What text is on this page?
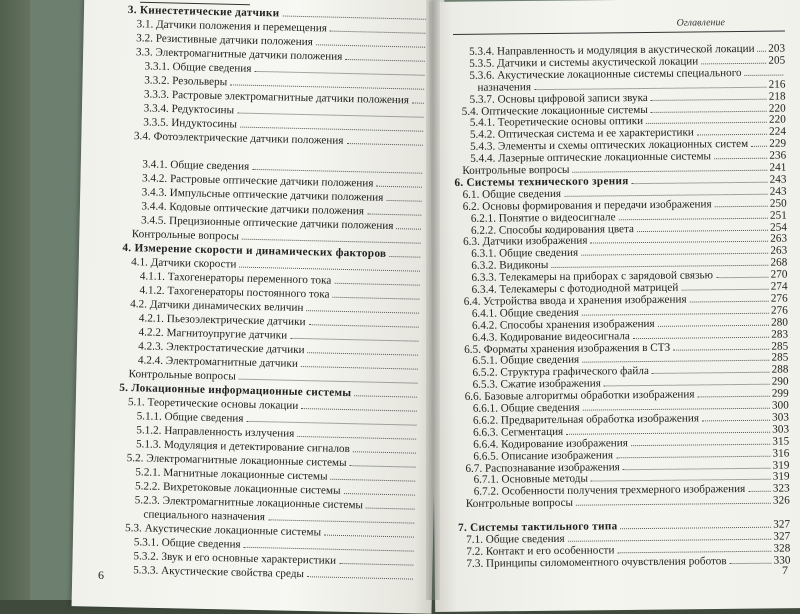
Оглавление
3. Кинестетические датчики
3.1. Датчики положения и перемещения
3.2. Резистивные датчики положения
3.3. Электромагнитные датчики положения
3.3.1. Общие сведения
3.3.2. Резольверы
3.3.3. Растровые электромагнитные датчики положения
3.3.4. Редуктосины
3.3.5. Индуктосины
3.4. Фотоэлектрические датчики положения
3.4.1. Общие сведения
3.4.2. Растровые оптические датчики положения
3.4.3. Импульсные оптические датчики положения
3.4.4. Кодовые оптические датчики положения
3.4.5. Прецизионные оптические датчики положения
Контрольные вопросы
4. Измерение скорости и динамических факторов
4.1. Датчики скорости
4.1.1. Тахогенераторы переменного тока
4.1.2. Тахогенераторы постоянного тока
4.2. Датчики динамических величин
4.2.1. Пьезоэлектрические датчики
4.2.2. Магнитоупругие датчики
4.2.3. Электростатические датчики
4.2.4. Электромагнитные датчики
Контрольные вопросы
5. Локационные информационные системы
5.1. Теоретические основы локации
5.1.1. Общие сведения
5.1.2. Направленность излучения
5.1.3. Модуляция и детектирование сигналов
5.2. Электромагнитные локационные системы
5.2.1. Магнитные локационные системы
5.2.2. Вихретоковые локационные системы
5.2.3. Электромагнитные локационные системы
специального назначения
5.3. Акустические локационные системы
5.3.1. Общие сведения
5.3.2. Звук и его основные характеристики
5.3.3. Акустические свойства среды
5.3.4. Направленность и модуляция в акустической локации 203
5.3.5. Датчики и системы акустической локации	205
5.3.6. Акустические локационные системы специального
назначения	216
5.3.7. Основы цифровой записи звука	218
5.4. Оптические локационные системы	220
5.4.1. Теоретические основы оптики	220
5.4.2. Оптическая система и ее характеристики	224
5.4.3. Элементы и схемы оптических локационных систем 229
5.4.4. Лазерные оптические локационные системы	236
Контрольные вопросы	241
6. Системы технического зрения	243
6.1. Общие сведения	243
6.2. Основы формирования и передачи изображения	250
6.2.1. Понятие о видеосигнале	251
6.2.2. Способы кодирования цвета	254
6.3. Датчики изображения	263
6.3.1. Общие сведения	263
6.3.2. Видиконы	268
6.3.3. Телекамеры на приборах с зарядовой связью	270
6.3.4. Телекамеры с фотодиодной матрицей	274
6.4. Устройства ввода и хранения изображения	276
6.4.1. Общие сведения	276
6.4.2. Способы хранения изображения	280
6.4.3. Кодирование видеосигнала	283
6.5. Форматы хранения изображения в СТЗ	285
6.5.1. Общие сведения	285
6.5.2. Структура графического файла	288
6.5.3. Сжатие изображения	290
6.6. Базовые алгоритмы обработки изображения	299
6.6.1. Общие сведения	300
6.6.2. Предварительная обработка изображения	303
6.6.3. Сегментация	303
6.6.4. Кодирование изображения	315
6.6.5. Описание изображения	316
6.7. Распознавание изображения	319
6.7.1. Основные методы	319
6.7.2. Особенности получения трехмерного изображения 323
Контрольные вопросы	326
7. Системы тактильного типа	327
7.1. Общие сведения	327
7.2. Контакт и его особенности	328
7.3. Принципы силомоментного очувствления роботов	330
6	7
